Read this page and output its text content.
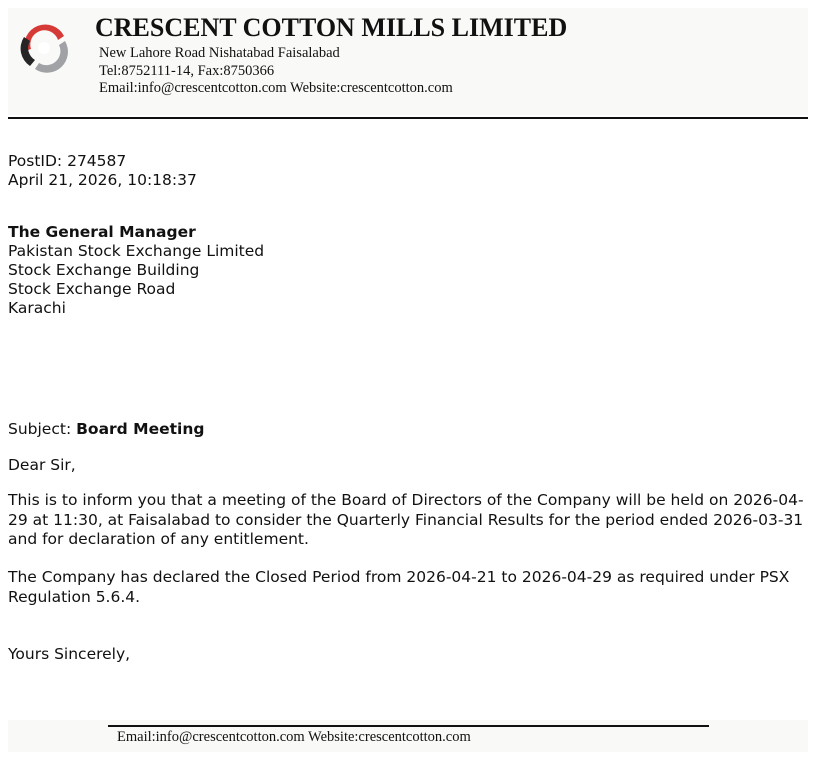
CRESCENT COTTON MILLS LIMITED

New Lahore Road Nishatabad Faisalabad

Tel:8752111-14, Fax:8750366

Email:info@crescentcotton.com Website:crescentcotton.com

PostID: 274587

April 21, 2026, 10:18:37

The General Manager

Pakistan Stock Exchange Limited

Stock Exchange Building

Stock Exchange Road

Karachi

Subject: Board Meeting

Dear Sir,

This is to inform you that a meeting of the Board of Directors of the Company will be held on 2026-04-29 at 11:30, at Faisalabad to consider the Quarterly Financial Results for the period ended 2026-03-31 and for declaration of any entitlement.

The Company has declared the Closed Period from 2026-04-21 to 2026-04-29 as required under PSX Regulation 5.6.4.

Yours Sincerely,

Email:info@crescentcotton.com Website:crescentcotton.com
